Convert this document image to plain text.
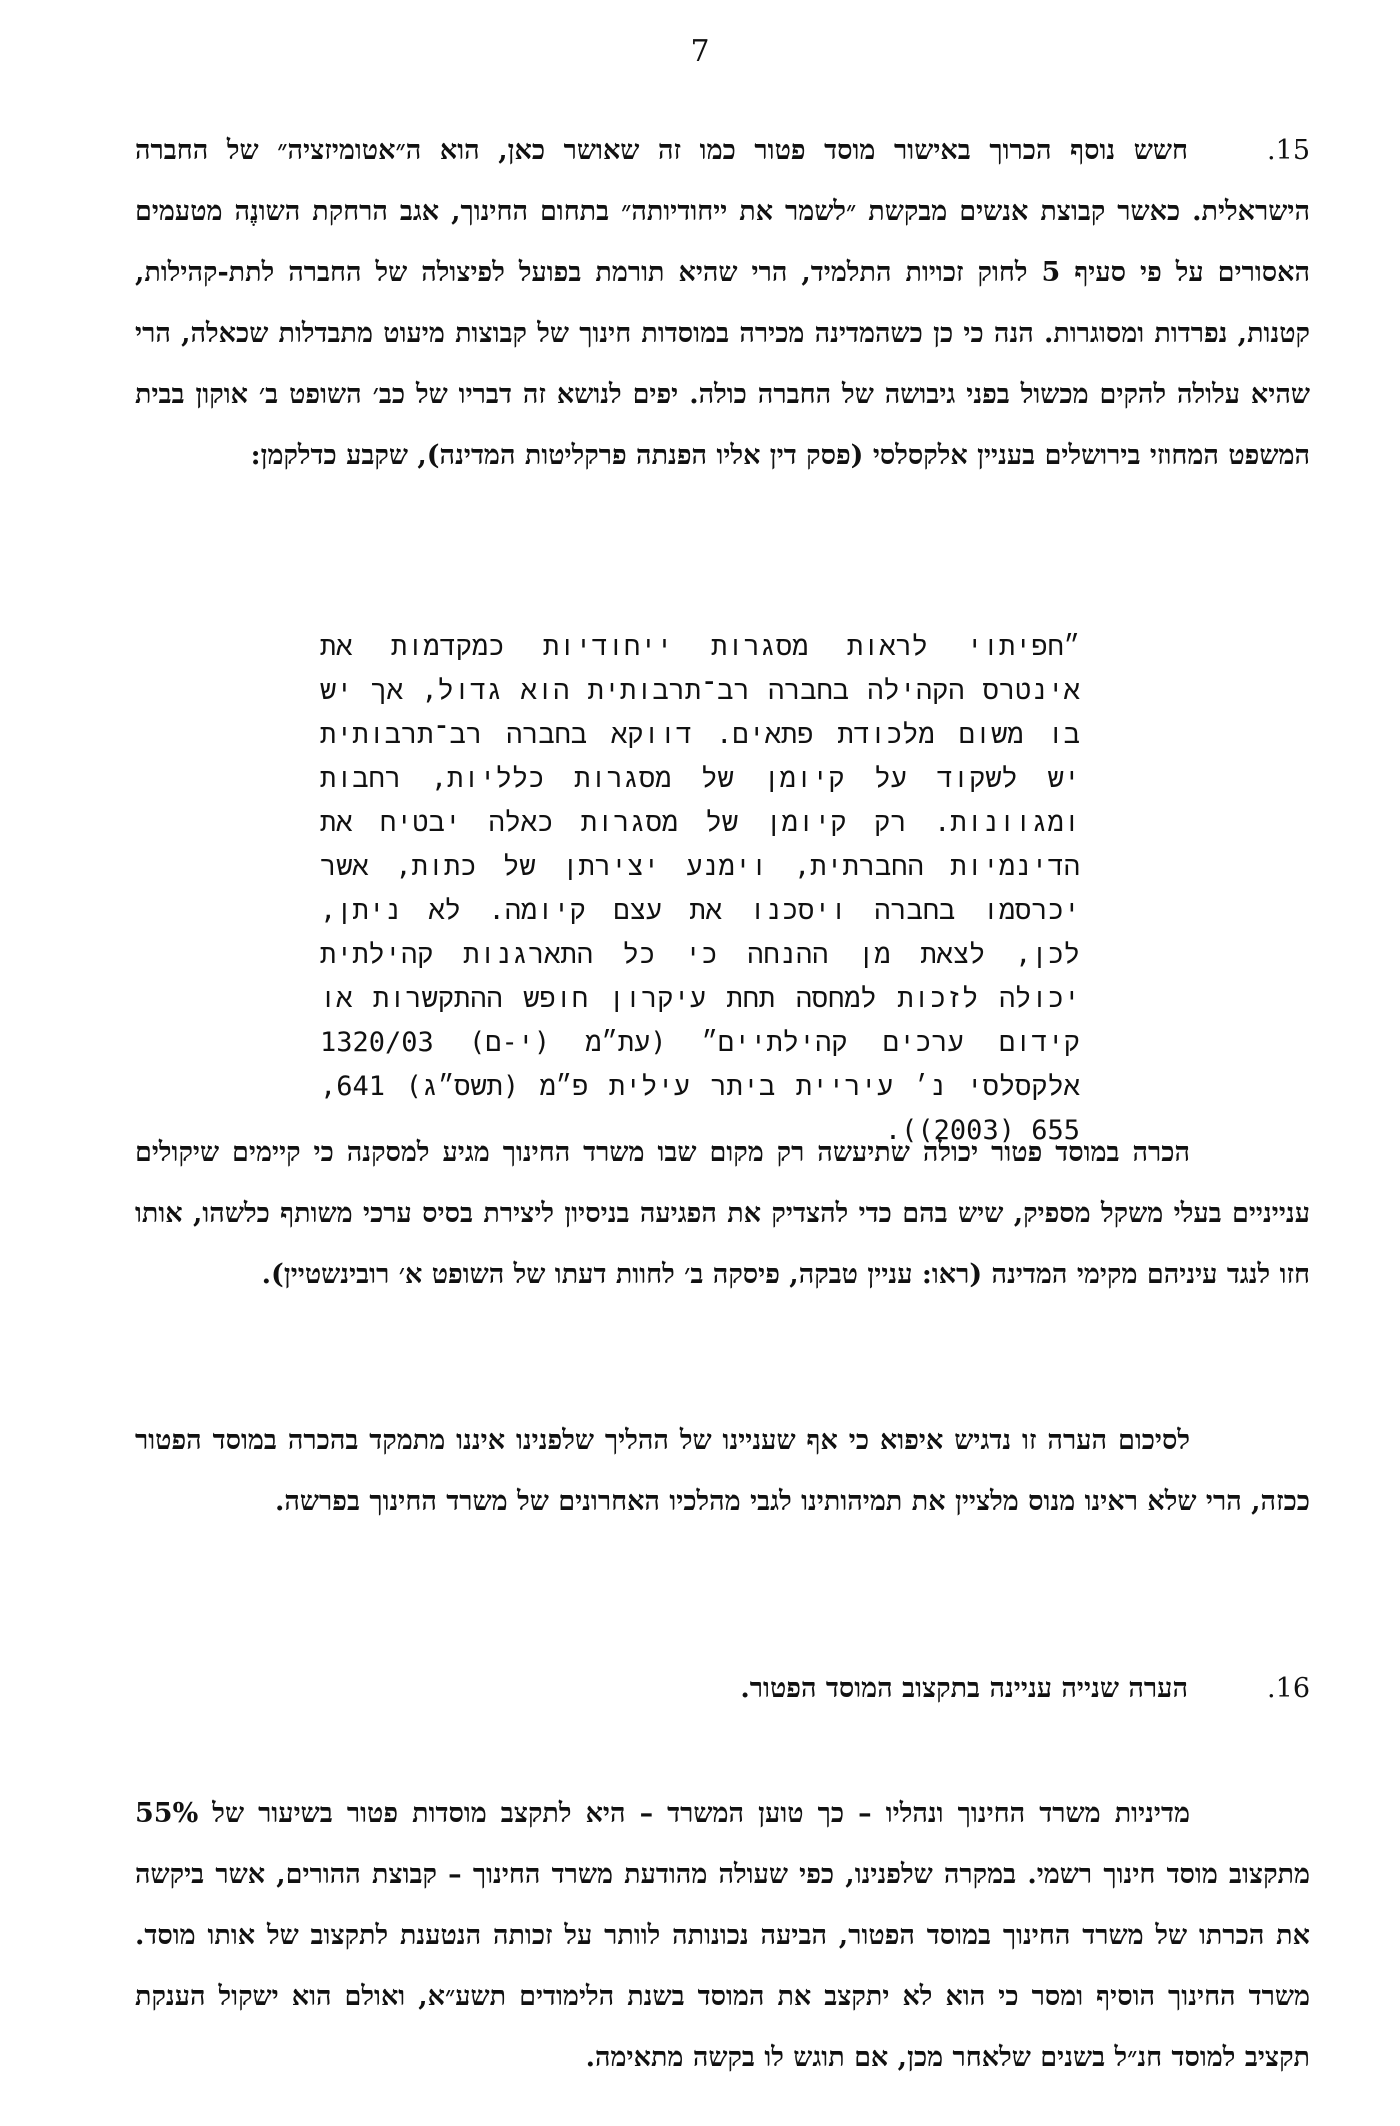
7
15.חשש נוסף הכרוך באישור מוסד פטור כמו זה שאושר כאן, הוא ה״אטומיזציה״ של החברה הישראלית. כאשר קבוצת אנשים מבקשת ״לשמר את ייחודיותה״ בתחום החינוך, אגב הרחקת השונֶה מטעמים האסורים על פי סעיף 5 לחוק זכויות התלמיד, הרי שהיא תורמת בפועל לפיצולה של החברה לתת-קהילות, קטנות, נפרדות ומסוגרות. הנה כי כן כשהמדינה מכירה במוסדות חינוך של קבוצות מיעוט מתבדלות שכאלה, הרי שהיא עלולה להקים מכשול בפני גיבושה של החברה כולה. יפים לנושא זה דבריו של כב׳ השופט ב׳ אוקון בבית המשפט המחוזי בירושלים בעניין אלקסלסי (פסק דין אליו הפנתה פרקליטות המדינה), שקבע כדלקמן:
״חפיתוי לראות מסגרות ייחודיות כמקדמות את אינטרס הקהילה בחברה רב־תרבותית הוא גדול, אך יש בו משום מלכודת פתאים. דווקא בחברה רב־תרבותית יש לשקוד על קיומן של מסגרות כלליות, רחבות ומגוונות. רק קיומן של מסגרות כאלה יבטיח את הדינמיות החברתית, וימנע יצירתן של כתות, אשר יכרסמו בחברה ויסכנו את עצם קיומה. לא ניתן, לכן, לצאת מן ההנחה כי כל התארגנות קהילתית יכולה לזכות למחסה תחת עיקרון חופש ההתקשרות או קידום ערכים קהילתיים״ (עת״מ (י-ם) 1320/03 אלקסלסי נ׳ עיריית ביתר עילית פ״מ (תשס״ג) 641, 655 (2003)).
הכרה במוסד פטור יכולה שתיעשה רק מקום שבו משרד החינוך מגיע למסקנה כי קיימים שיקולים ענייניים בעלי משקל מספיק, שיש בהם כדי להצדיק את הפגיעה בניסיון ליצירת בסיס ערכי משותף כלשהו, אותו חזו לנגד עיניהם מקימי המדינה (ראו: עניין טבקה, פיסקה ב׳ לחוות דעתו של השופט א׳ רובינשטיין).
לסיכום הערה זו נדגיש איפוא כי אף שעניינו של ההליך שלפנינו איננו מתמקד בהכרה במוסד הפטור ככזה, הרי שלא ראינו מנוס מלציין את תמיהותינו לגבי מהלכיו האחרונים של משרד החינוך בפרשה.
16.הערה שנייה עניינה בתקצוב המוסד הפטור.
מדיניות משרד החינוך ונהליו – כך טוען המשרד – היא לתקצב מוסדות פטור בשיעור של 55% מתקצוב מוסד חינוך רשמי. במקרה שלפנינו, כפי שעולה מהודעת משרד החינוך – קבוצת ההורים, אשר ביקשה את הכרתו של משרד החינוך במוסד הפטור, הביעה נכונותה לוותר על זכותה הנטענת לתקצוב של אותו מוסד. משרד החינוך הוסיף ומסר כי הוא לא יתקצב את המוסד בשנת הלימודים תשע״א, ואולם הוא ישקול הענקת תקציב למוסד חנ״ל בשנים שלאחר מכן, אם תוגש לו בקשה מתאימה.
